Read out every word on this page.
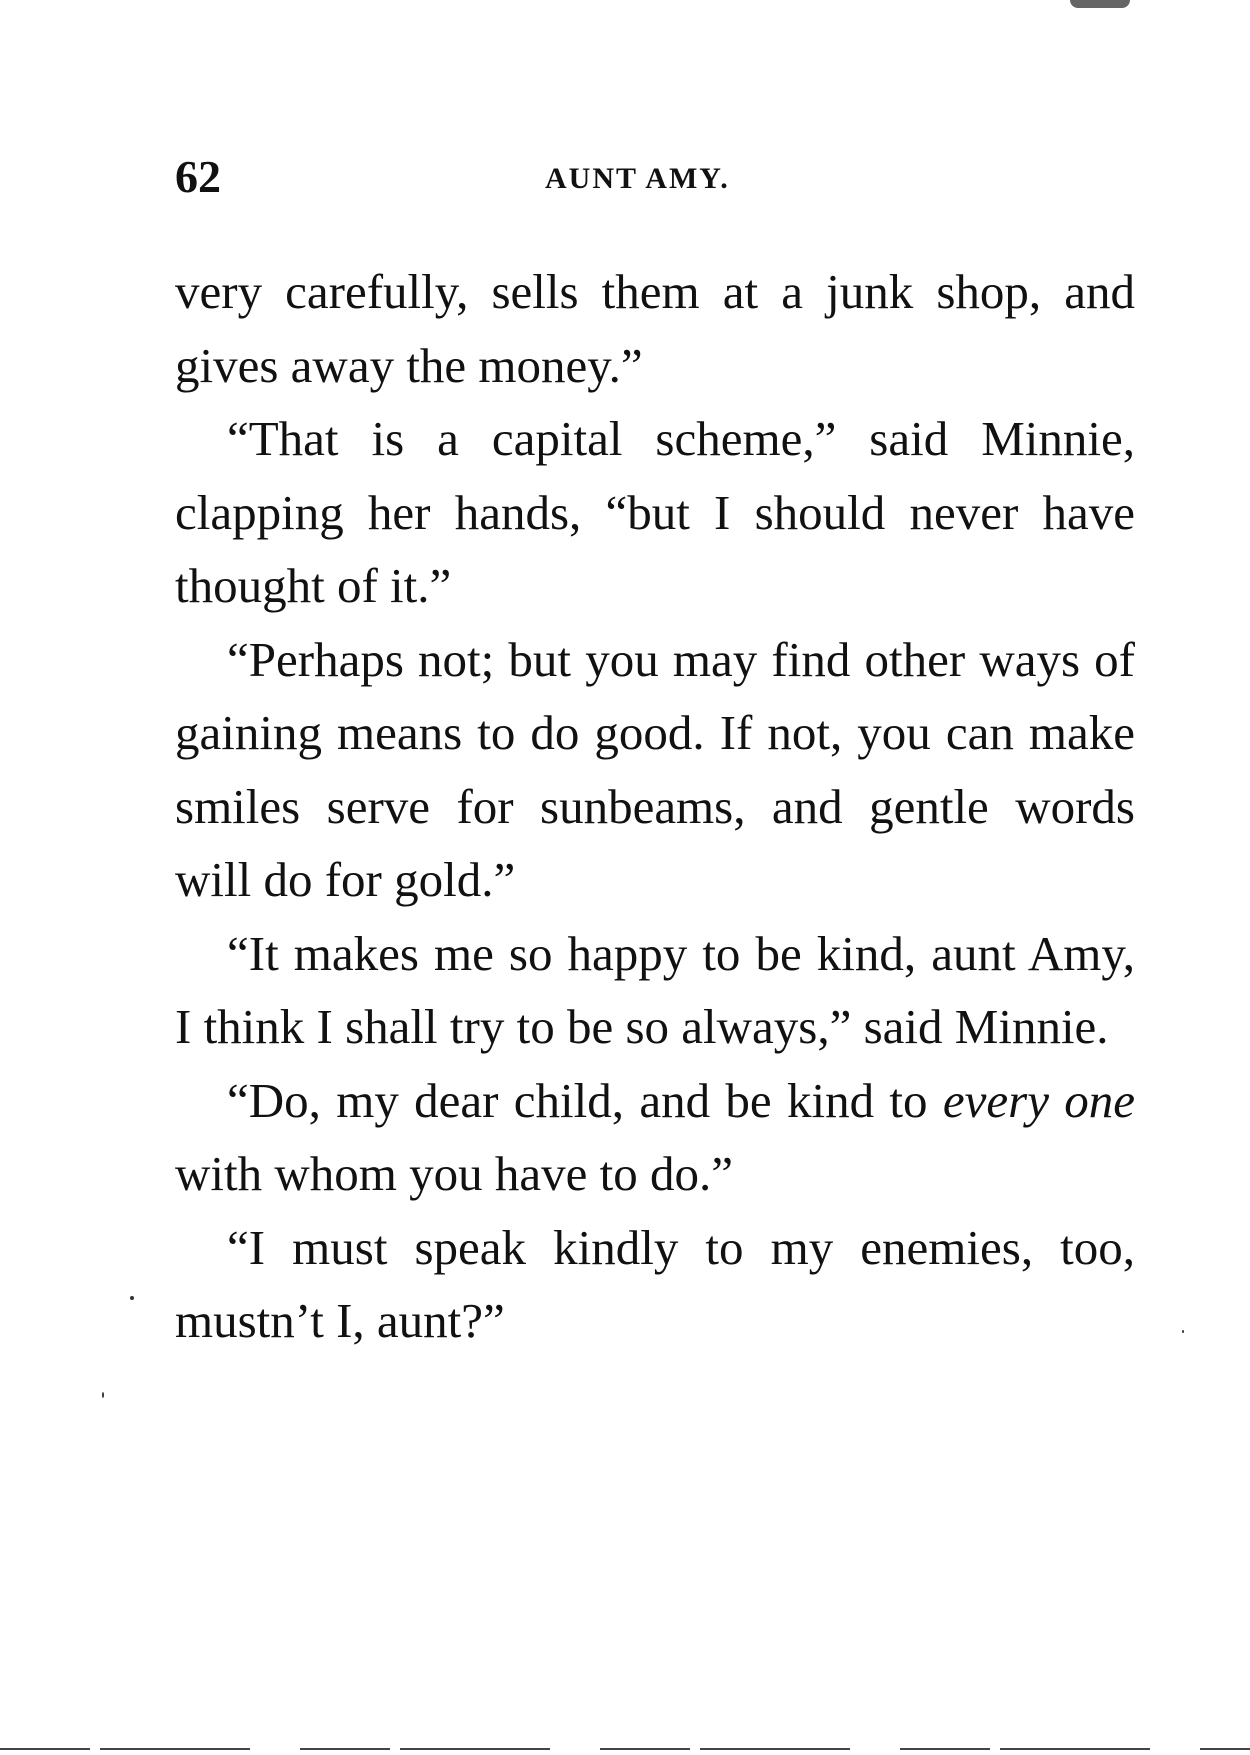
62	AUNT AMY.

very carefully, sells them at a junk shop, and gives away the money.”

“That is a capital scheme,” said Minnie, clapping her hands, “but I should never have thought of it.”

“Perhaps not; but you may find other ways of gaining means to do good. If not, you can make smiles serve for sunbeams, and gentle words will do for gold.”

“It makes me so happy to be kind, aunt Amy, I think I shall try to be so always,” said Minnie.

“Do, my dear child, and be kind to every one with whom you have to do.”

“I must speak kindly to my enemies, too, mustn’t I, aunt?”
